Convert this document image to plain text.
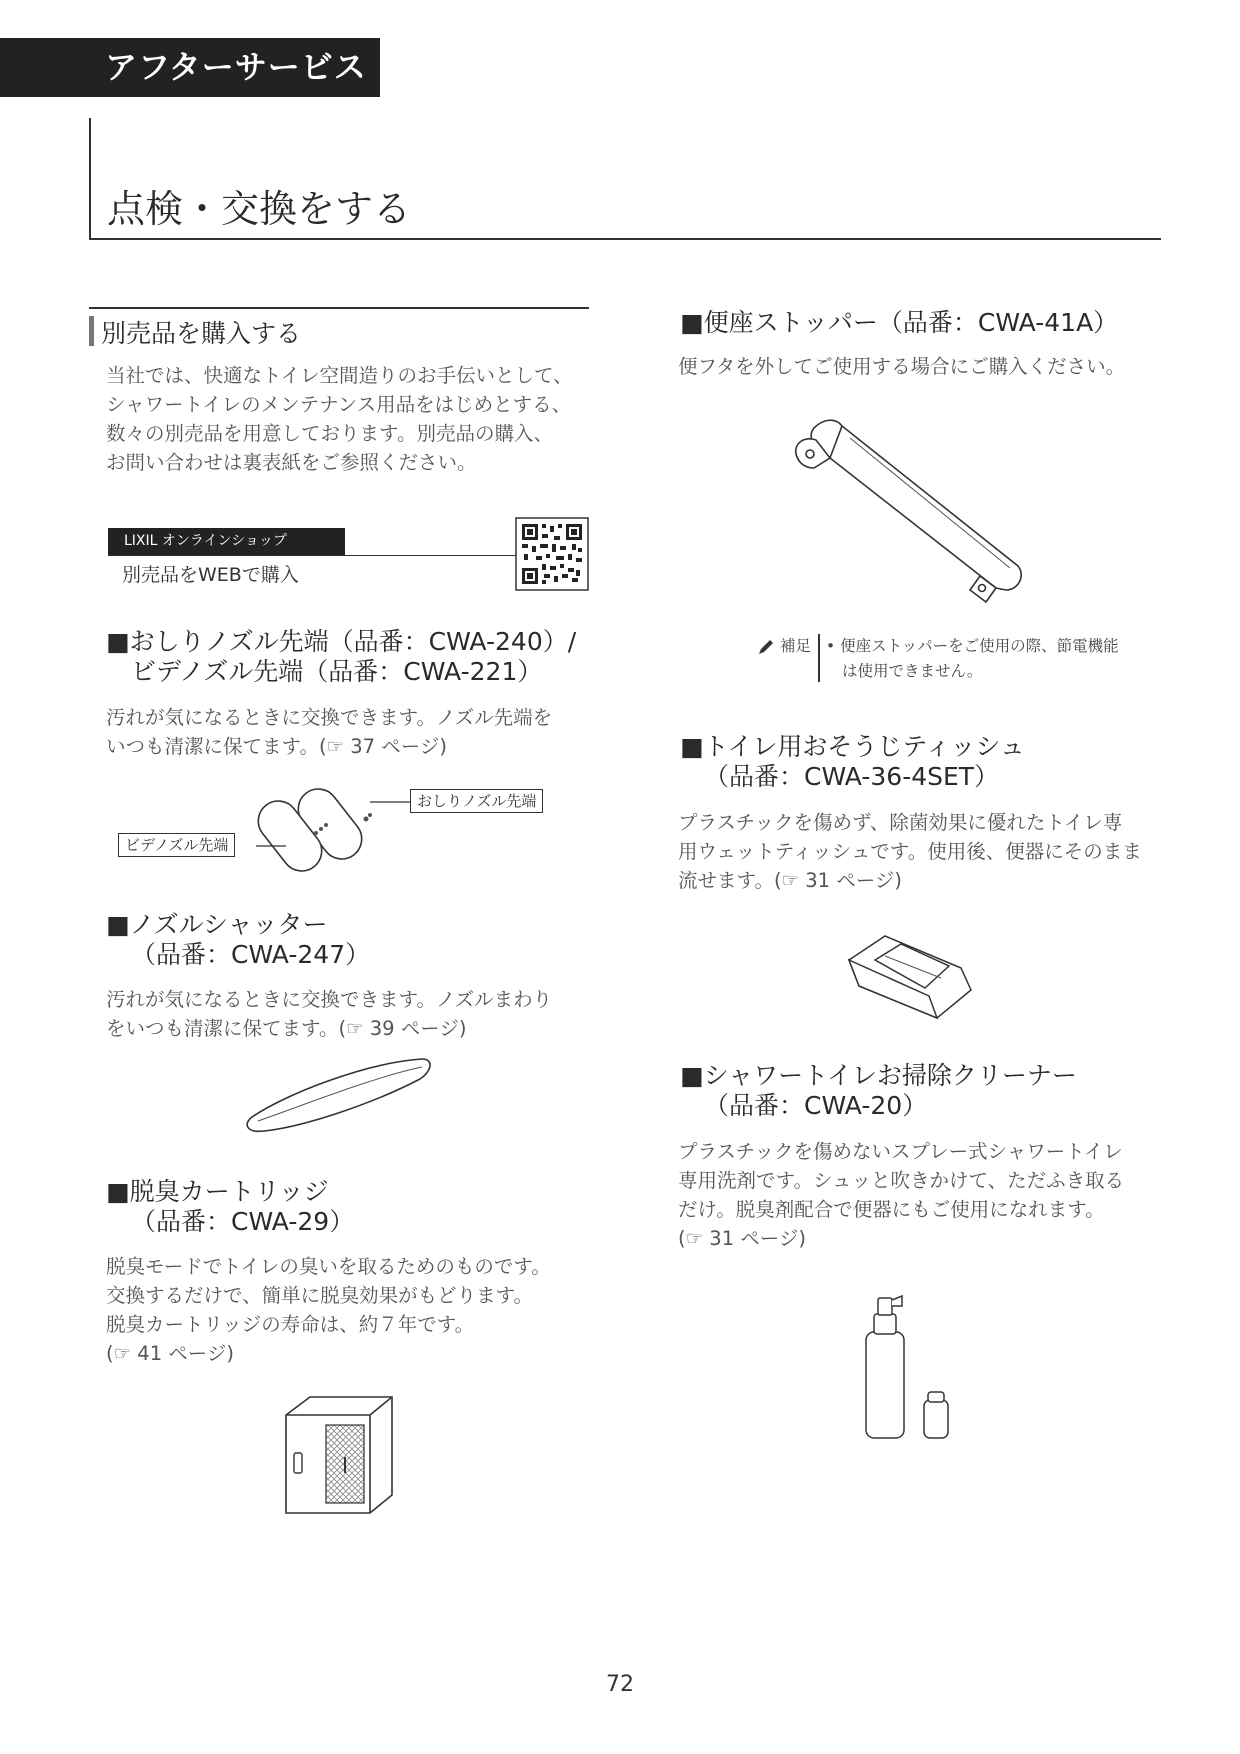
アフターサービス
点検・交換をする
別売品を購入する

当社では、快適なトイレ空間造りのお手伝いとして、

シャワートイレのメンテナンス用品をはじめとする、

数々の別売品を用意しております。別売品の購入、

お問い合わせは裏表紙をご参照ください。

LIXIL オンラインショップ
別売品をWEBで購入
■おしりノズル先端（品番：CWA-240）/
ビデノズル先端（品番：CWA-221）

汚れが気になるときに交換できます。ノズル先端を

いつも清潔に保てます。(☞ 37 ページ)

おしりノズル先端
ビデノズル先端
■ノズルシャッター
（品番：CWA-247）

汚れが気になるときに交換できます。ノズルまわり

をいつも清潔に保てます。(☞ 39 ページ)

■脱臭カートリッジ
（品番：CWA-29）

脱臭モードでトイレの臭いを取るためのものです。

交換するだけで、簡単に脱臭効果がもどります。

脱臭カートリッジの寿命は、約７年です。

(☞ 41 ページ)

■便座ストッパー（品番：CWA-41A）

便フタを外してご使用する場合にご購入ください。

補足 • 便座ストッパーをご使用の際、節電機能
は使用できません。
■トイレ用おそうじティッシュ
（品番：CWA-36-4SET）

プラスチックを傷めず、除菌効果に優れたトイレ専

用ウェットティッシュです。使用後、便器にそのまま

流せます。(☞ 31 ページ)

■シャワートイレお掃除クリーナー
（品番：CWA-20）

プラスチックを傷めないスプレー式シャワートイレ

専用洗剤です。シュッと吹きかけて、ただふき取る

だけ。脱臭剤配合で便器にもご使用になれます。

(☞ 31 ページ)

72
